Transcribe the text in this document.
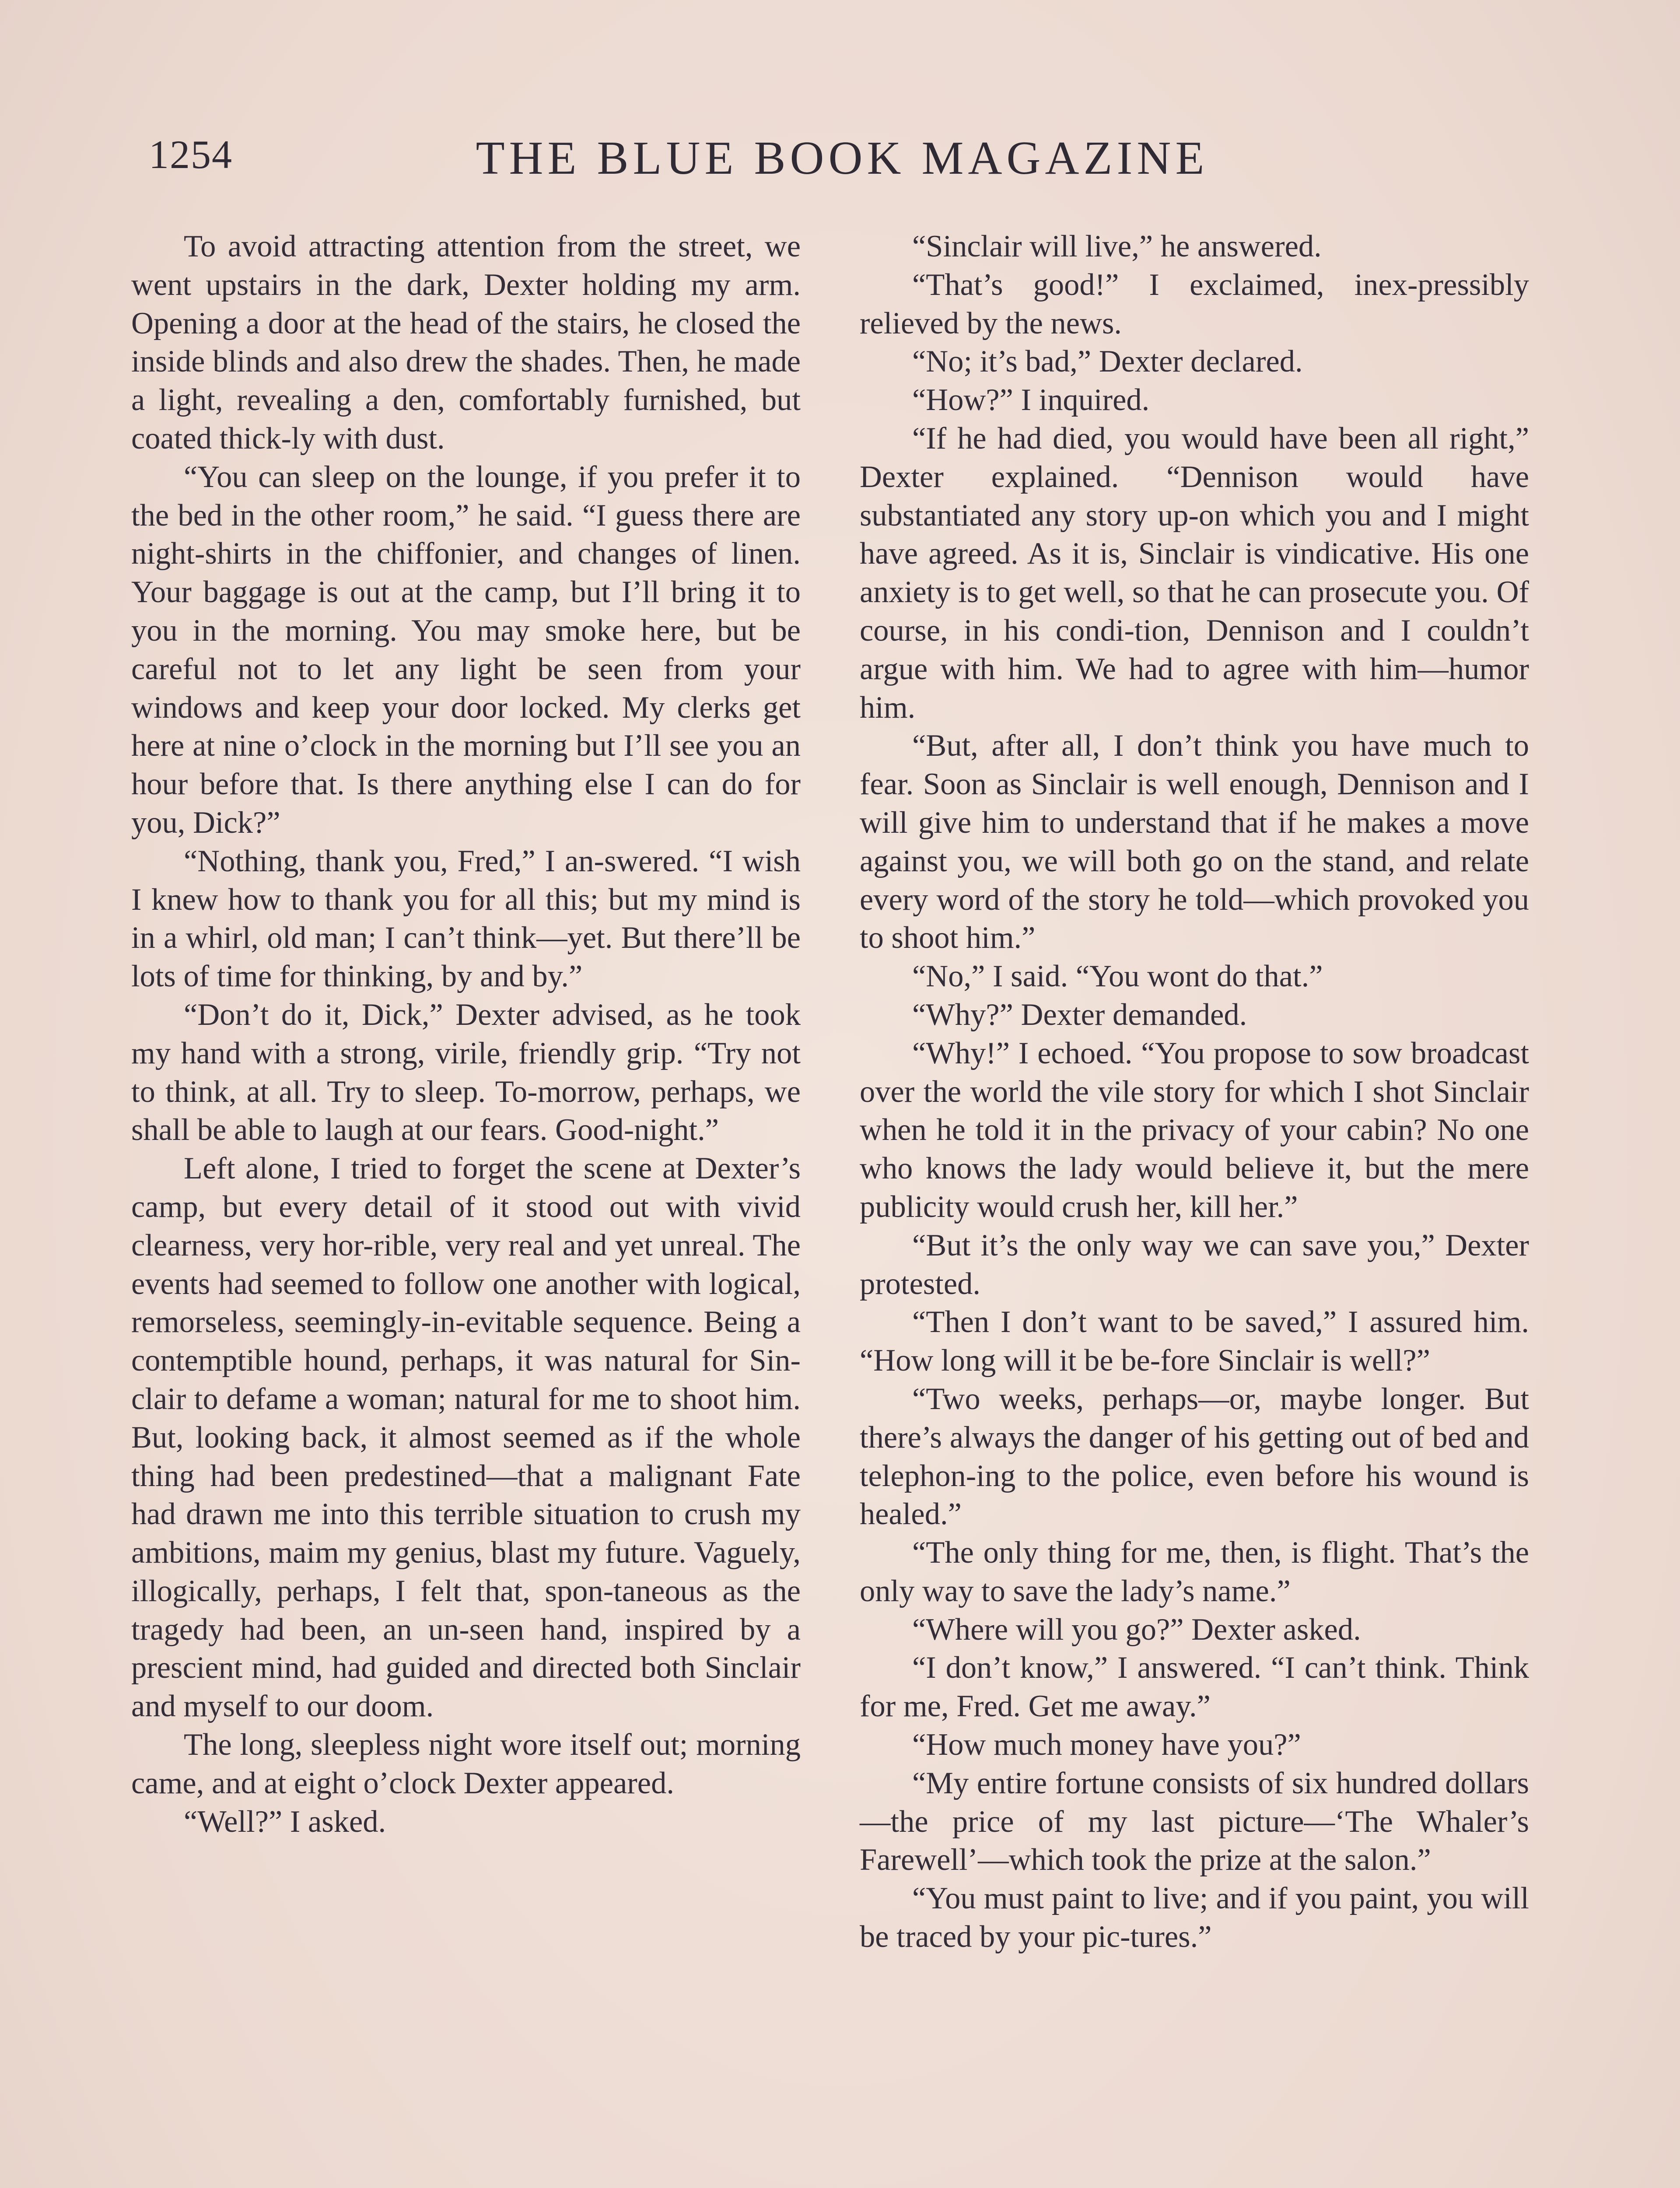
1254	THE BLUE BOOK MAGAZINE

To avoid attracting attention from the street, we went upstairs in the dark, Dexter holding my arm. Opening a door at the head of the stairs, he closed the inside blinds and also drew the shades. Then, he made a light, revealing a den, comfortably furnished, but coated thick-ly with dust.

“You can sleep on the lounge, if you prefer it to the bed in the other room,” he said. “I guess there are night-shirts in the chiffonier, and changes of linen. Your baggage is out at the camp, but I’ll bring it to you in the morning. You may smoke here, but be careful not to let any light be seen from your windows and keep your door locked. My clerks get here at nine o’clock in the morning but I’ll see you an hour before that. Is there anything else I can do for you, Dick?”

“Nothing, thank you, Fred,” I an-swered. “I wish I knew how to thank you for all this; but my mind is in a whirl, old man; I can’t think—yet. But there’ll be lots of time for thinking, by and by.”

“Don’t do it, Dick,” Dexter advised, as he took my hand with a strong, virile, friendly grip. “Try not to think, at all. Try to sleep. To-morrow, perhaps, we shall be able to laugh at our fears. Good-night.”

Left alone, I tried to forget the scene at Dexter’s camp, but every detail of it stood out with vivid clearness, very hor-rible, very real and yet unreal. The events had seemed to follow one another with logical, remorseless, seemingly-in-evitable sequence. Being a contemptible hound, perhaps, it was natural for Sin-clair to defame a woman; natural for me to shoot him. But, looking back, it almost seemed as if the whole thing had been predestined—that a malignant Fate had drawn me into this terrible situation to crush my ambitions, maim my genius, blast my future. Vaguely, illogically, perhaps, I felt that, spon-taneous as the tragedy had been, an un-seen hand, inspired by a prescient mind, had guided and directed both Sinclair and myself to our doom.

The long, sleepless night wore itself out; morning came, and at eight o’clock Dexter appeared.

“Well?” I asked.

“Sinclair will live,” he answered.

“That’s good!” I exclaimed, inex-pressibly relieved by the news.

“No; it’s bad,” Dexter declared.

“How?” I inquired.

“If he had died, you would have been all right,” Dexter explained. “Dennison would have substantiated any story up-on which you and I might have agreed. As it is, Sinclair is vindicative. His one anxiety is to get well, so that he can prosecute you. Of course, in his condi-tion, Dennison and I couldn’t argue with him. We had to agree with him—humor him.

“But, after all, I don’t think you have much to fear. Soon as Sinclair is well enough, Dennison and I will give him to understand that if he makes a move against you, we will both go on the stand, and relate every word of the story he told—which provoked you to shoot him.”

“No,” I said. “You wont do that.”

“Why?” Dexter demanded.

“Why!” I echoed. “You propose to sow broadcast over the world the vile story for which I shot Sinclair when he told it in the privacy of your cabin? No one who knows the lady would believe it, but the mere publicity would crush her, kill her.”

“But it’s the only way we can save you,” Dexter protested.

“Then I don’t want to be saved,” I assured him. “How long will it be be-fore Sinclair is well?”

“Two weeks, perhaps—or, maybe longer. But there’s always the danger of his getting out of bed and telephon-ing to the police, even before his wound is healed.”

“The only thing for me, then, is flight. That’s the only way to save the lady’s name.”

“Where will you go?” Dexter asked.

“I don’t know,” I answered. “I can’t think. Think for me, Fred. Get me away.”

“How much money have you?”

“My entire fortune consists of six hundred dollars—the price of my last picture—‘The Whaler’s Farewell’—which took the prize at the salon.”

“You must paint to live; and if you paint, you will be traced by your pic-tures.”
